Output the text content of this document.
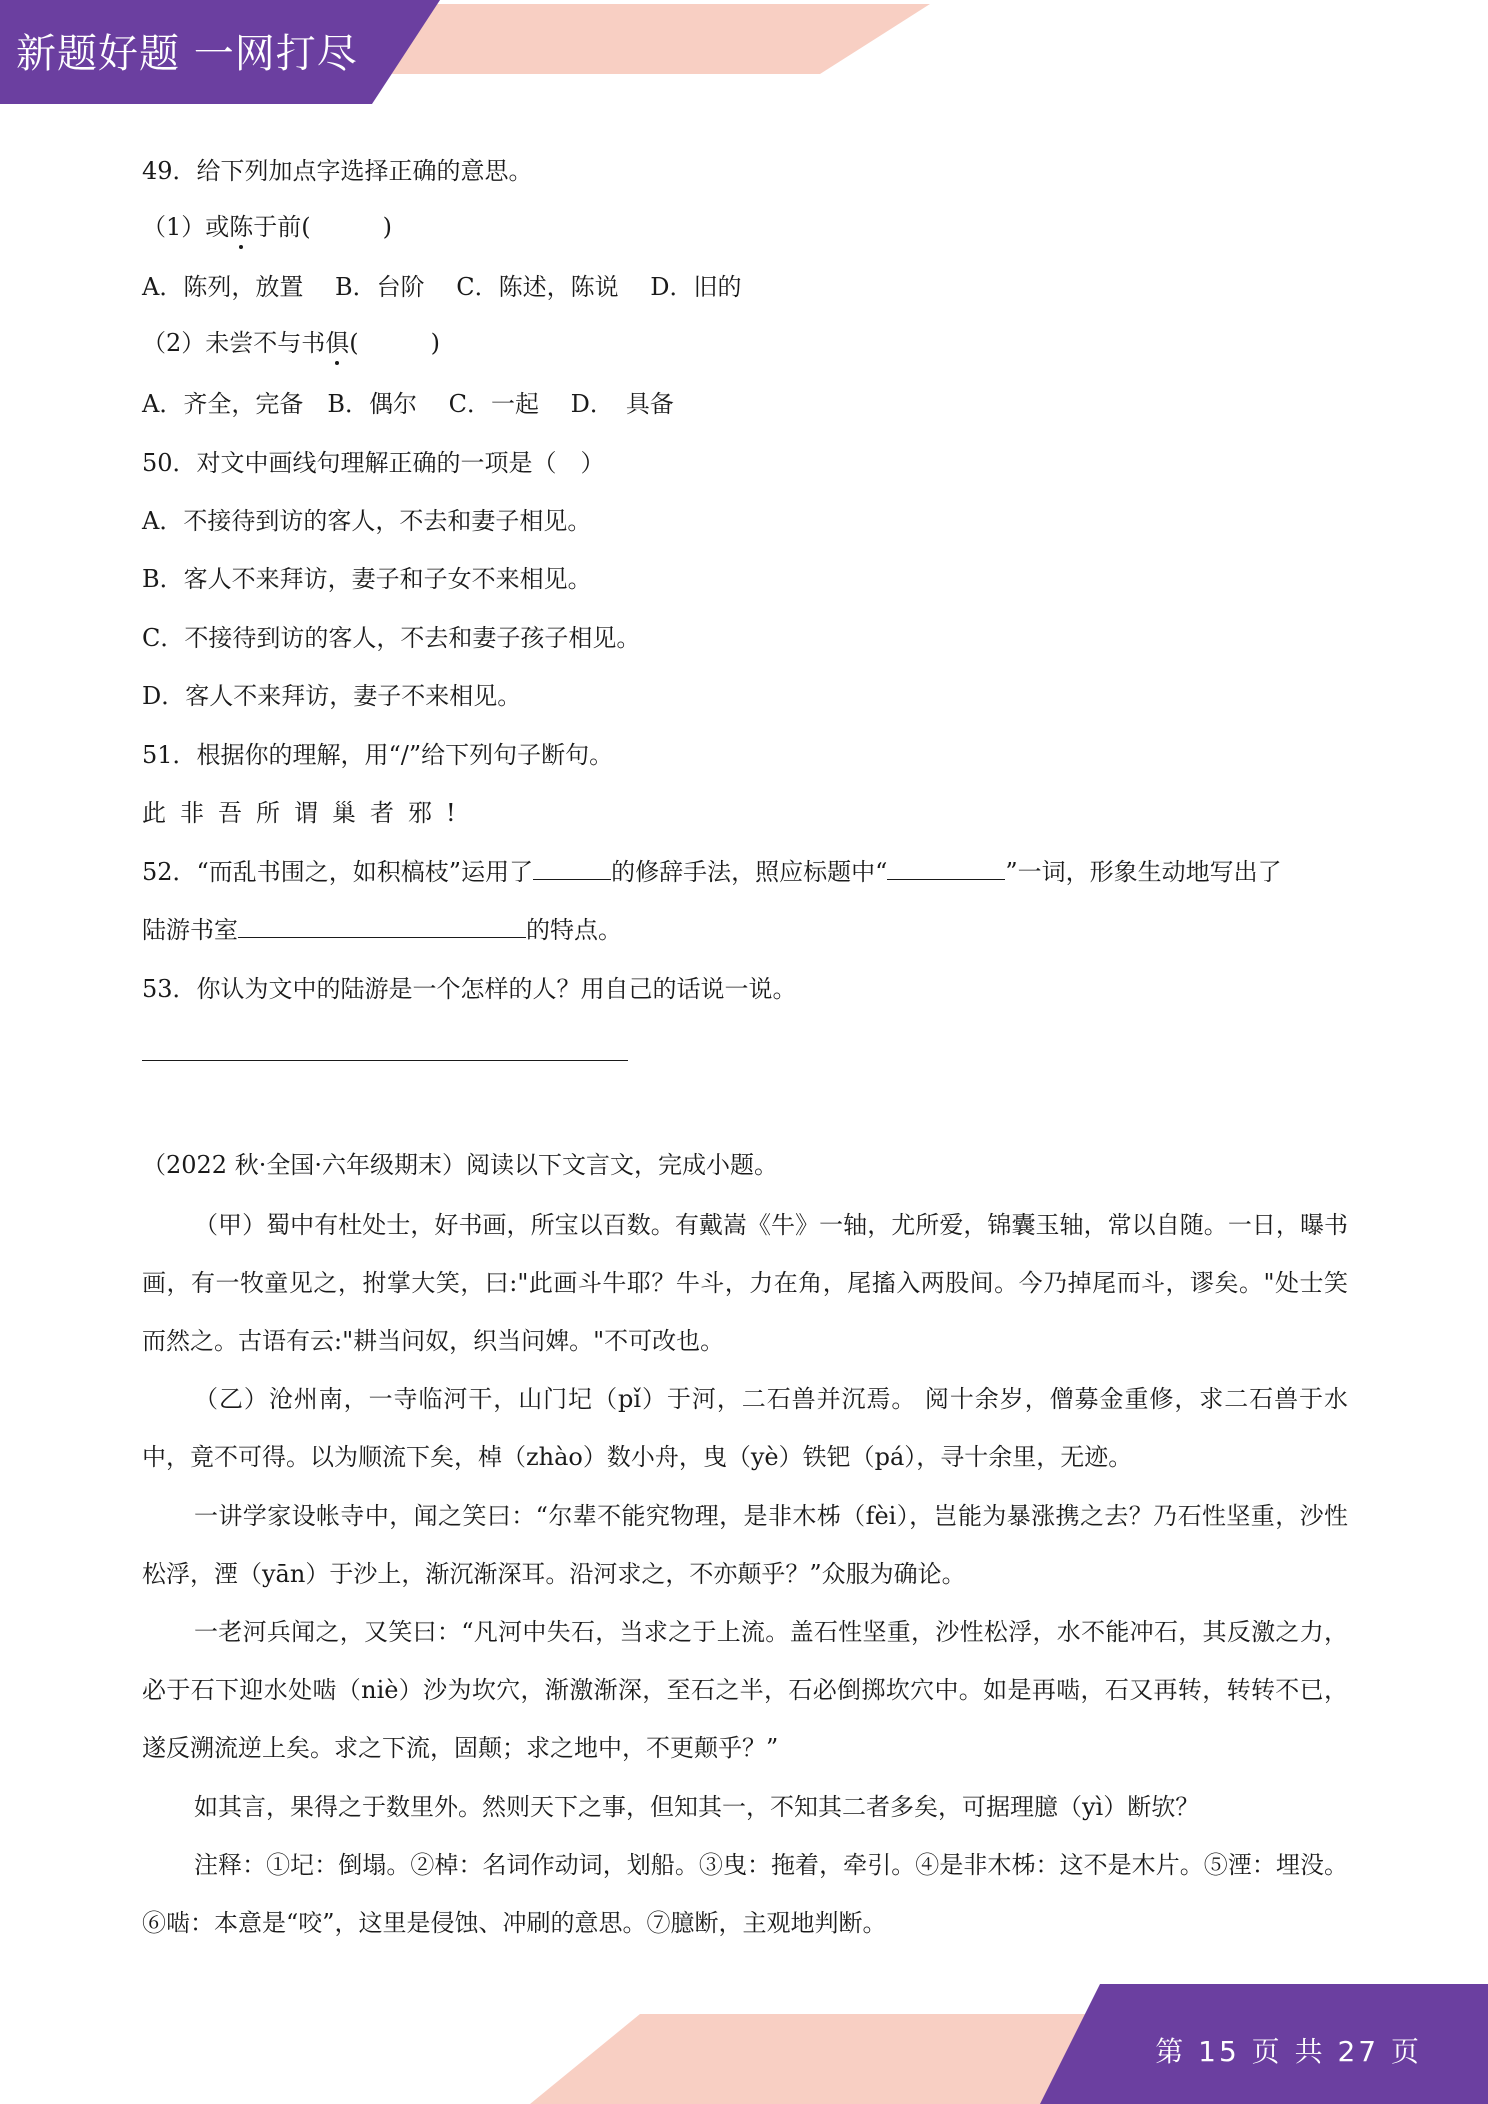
新题好题 一网打尽
49．给下列加点字选择正确的意思。
（1）或陈于前(　　　)
A．陈列，放置　 B．台阶　 C．陈述，陈说　 D．旧的
（2）未尝不与书俱(　　　)
A．齐全，完备　B．偶尔　 C．一起　 D．　具备
50．对文中画线句理解正确的一项是（　）
A．不接待到访的客人，不去和妻子相见。
B．客人不来拜访，妻子和子女不来相见。
C．不接待到访的客人，不去和妻子孩子相见。
D．客人不来拜访，妻子不来相见。
51．根据你的理解，用“/”给下列句子断句。
此非吾所谓巢者邪!
52．“而乱书围之，如积槁枝”运用了	的修辞手法，照应标题中“	”一词，形象生动地写出了
陆游书室	的特点。
53．你认为文中的陆游是一个怎样的人？用自己的话说一说。
（2022 秋·全国·六年级期末）阅读以下文言文，完成小题。
（甲）蜀中有杜处士，好书画，所宝以百数。有戴嵩《牛》一轴，尤所爱，锦囊玉轴，常以自随。一日，曝书画，有一牧童见之，拊掌大笑，曰:"此画斗牛耶？牛斗，力在角，尾搐入两股间。今乃掉尾而斗，谬矣。"处士笑而然之。古语有云:"耕当问奴，织当问婢。"不可改也。
（乙）沧州南，一寺临河干，山门圮（pǐ）于河，二石兽并沉焉。 阅十余岁，僧募金重修，求二石兽于水中，竟不可得。以为顺流下矣，棹（zhào）数小舟，曳（yè）铁钯（pá），寻十余里，无迹。
一讲学家设帐寺中，闻之笑曰：“尔辈不能究物理，是非木柹（fèi），岂能为暴涨携之去？乃石性坚重，沙性松浮，湮（yān）于沙上，渐沉渐深耳。沿河求之，不亦颠乎？”众服为确论。
一老河兵闻之，又笑曰：“凡河中失石，当求之于上流。盖石性坚重，沙性松浮，水不能冲石，其反激之力，必于石下迎水处啮（niè）沙为坎穴，渐激渐深，至石之半，石必倒掷坎穴中。如是再啮，石又再转，转转不已，遂反溯流逆上矣。求之下流，固颠；求之地中，不更颠乎？”
如其言，果得之于数里外。然则天下之事，但知其一，不知其二者多矣，可据理臆（yì）断欤？
注释：①圮：倒塌。②棹：名词作动词，划船。③曳：拖着，牵引。④是非木柹：这不是木片。⑤湮：埋没。⑥啮：本意是“咬”，这里是侵蚀、冲刷的意思。⑦臆断，主观地判断。
第 15 页 共 27 页
